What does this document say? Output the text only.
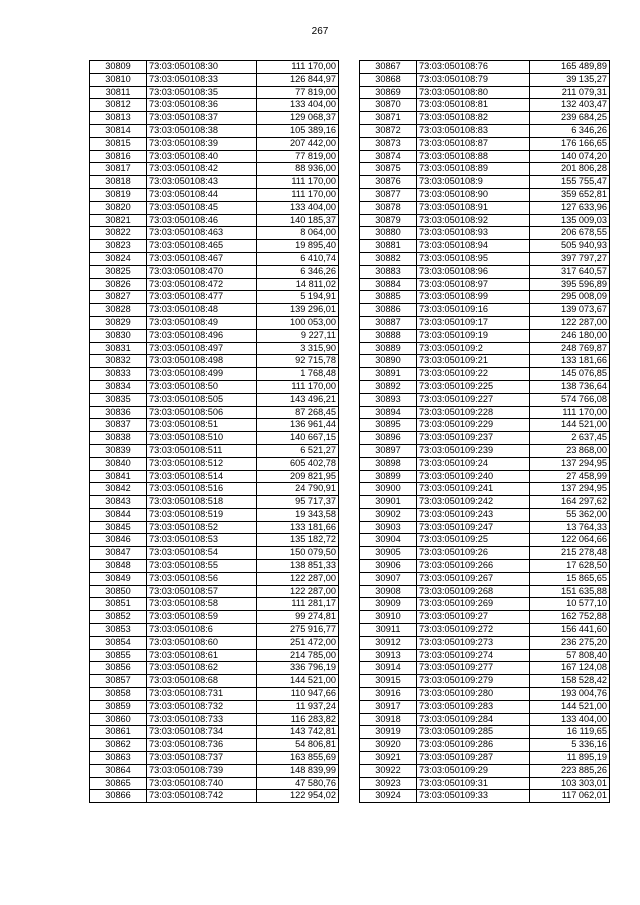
267
30809	73:03:050108:30	111 170,00
30810	73:03:050108:33	126 844,97
30811	73:03:050108:35	77 819,00
30812	73:03:050108:36	133 404,00
30813	73:03:050108:37	129 068,37
30814	73:03:050108:38	105 389,16
30815	73:03:050108:39	207 442,00
30816	73:03:050108:40	77 819,00
30817	73:03:050108:42	88 936,00
30818	73:03:050108:43	111 170,00
30819	73:03:050108:44	111 170,00
30820	73:03:050108:45	133 404,00
30821	73:03:050108:46	140 185,37
30822	73:03:050108:463	8 064,00
30823	73:03:050108:465	19 895,40
30824	73:03:050108:467	6 410,74
30825	73:03:050108:470	6 346,26
30826	73:03:050108:472	14 811,02
30827	73:03:050108:477	5 194,91
30828	73:03:050108:48	139 296,01
30829	73:03:050108:49	100 053,00
30830	73:03:050108:496	9 227,11
30831	73:03:050108:497	3 315,90
30832	73:03:050108:498	92 715,78
30833	73:03:050108:499	1 768,48
30834	73:03:050108:50	111 170,00
30835	73:03:050108:505	143 496,21
30836	73:03:050108:506	87 268,45
30837	73:03:050108:51	136 961,44
30838	73:03:050108:510	140 667,15
30839	73:03:050108:511	6 521,27
30840	73:03:050108:512	605 402,78
30841	73:03:050108:514	209 821,95
30842	73:03:050108:516	24 790,91
30843	73:03:050108:518	95 717,37
30844	73:03:050108:519	19 343,58
30845	73:03:050108:52	133 181,66
30846	73:03:050108:53	135 182,72
30847	73:03:050108:54	150 079,50
30848	73:03:050108:55	138 851,33
30849	73:03:050108:56	122 287,00
30850	73:03:050108:57	122 287,00
30851	73:03:050108:58	111 281,17
30852	73:03:050108:59	99 274,81
30853	73:03:050108:6	275 916,77
30854	73:03:050108:60	251 472,00
30855	73:03:050108:61	214 785,00
30856	73:03:050108:62	336 796,19
30857	73:03:050108:68	144 521,00
30858	73:03:050108:731	110 947,66
30859	73:03:050108:732	11 937,24
30860	73:03:050108:733	116 283,82
30861	73:03:050108:734	143 742,81
30862	73:03:050108:736	54 806,81
30863	73:03:050108:737	163 855,69
30864	73:03:050108:739	148 839,99
30865	73:03:050108:740	47 580,76
30866	73:03:050108:742	122 954,02
30867	73:03:050108:76	165 489,89
30868	73:03:050108:79	39 135,27
30869	73:03:050108:80	211 079,31
30870	73:03:050108:81	132 403,47
30871	73:03:050108:82	239 684,25
30872	73:03:050108:83	6 346,26
30873	73:03:050108:87	176 166,65
30874	73:03:050108:88	140 074,20
30875	73:03:050108:89	201 806,28
30876	73:03:050108:9	155 755,47
30877	73:03:050108:90	359 652,81
30878	73:03:050108:91	127 633,96
30879	73:03:050108:92	135 009,03
30880	73:03:050108:93	206 678,55
30881	73:03:050108:94	505 940,93
30882	73:03:050108:95	397 797,27
30883	73:03:050108:96	317 640,57
30884	73:03:050108:97	395 596,89
30885	73:03:050108:99	295 008,09
30886	73:03:050109:16	139 073,67
30887	73:03:050109:17	122 287,00
30888	73:03:050109:19	246 180,00
30889	73:03:050109:2	248 769,87
30890	73:03:050109:21	133 181,66
30891	73:03:050109:22	145 076,85
30892	73:03:050109:225	138 736,64
30893	73:03:050109:227	574 766,08
30894	73:03:050109:228	111 170,00
30895	73:03:050109:229	144 521,00
30896	73:03:050109:237	2 637,45
30897	73:03:050109:239	23 868,00
30898	73:03:050109:24	137 294,95
30899	73:03:050109:240	27 458,99
30900	73:03:050109:241	137 294,95
30901	73:03:050109:242	164 297,62
30902	73:03:050109:243	55 362,00
30903	73:03:050109:247	13 764,33
30904	73:03:050109:25	122 064,66
30905	73:03:050109:26	215 278,48
30906	73:03:050109:266	17 628,50
30907	73:03:050109:267	15 865,65
30908	73:03:050109:268	151 635,88
30909	73:03:050109:269	10 577,10
30910	73:03:050109:27	162 752,88
30911	73:03:050109:272	156 441,60
30912	73:03:050109:273	236 275,20
30913	73:03:050109:274	57 808,40
30914	73:03:050109:277	167 124,08
30915	73:03:050109:279	158 528,42
30916	73:03:050109:280	193 004,76
30917	73:03:050109:283	144 521,00
30918	73:03:050109:284	133 404,00
30919	73:03:050109:285	16 119,65
30920	73:03:050109:286	5 336,16
30921	73:03:050109:287	11 895,19
30922	73:03:050109:29	223 885,26
30923	73:03:050109:31	103 303,01
30924	73:03:050109:33	117 062,01
